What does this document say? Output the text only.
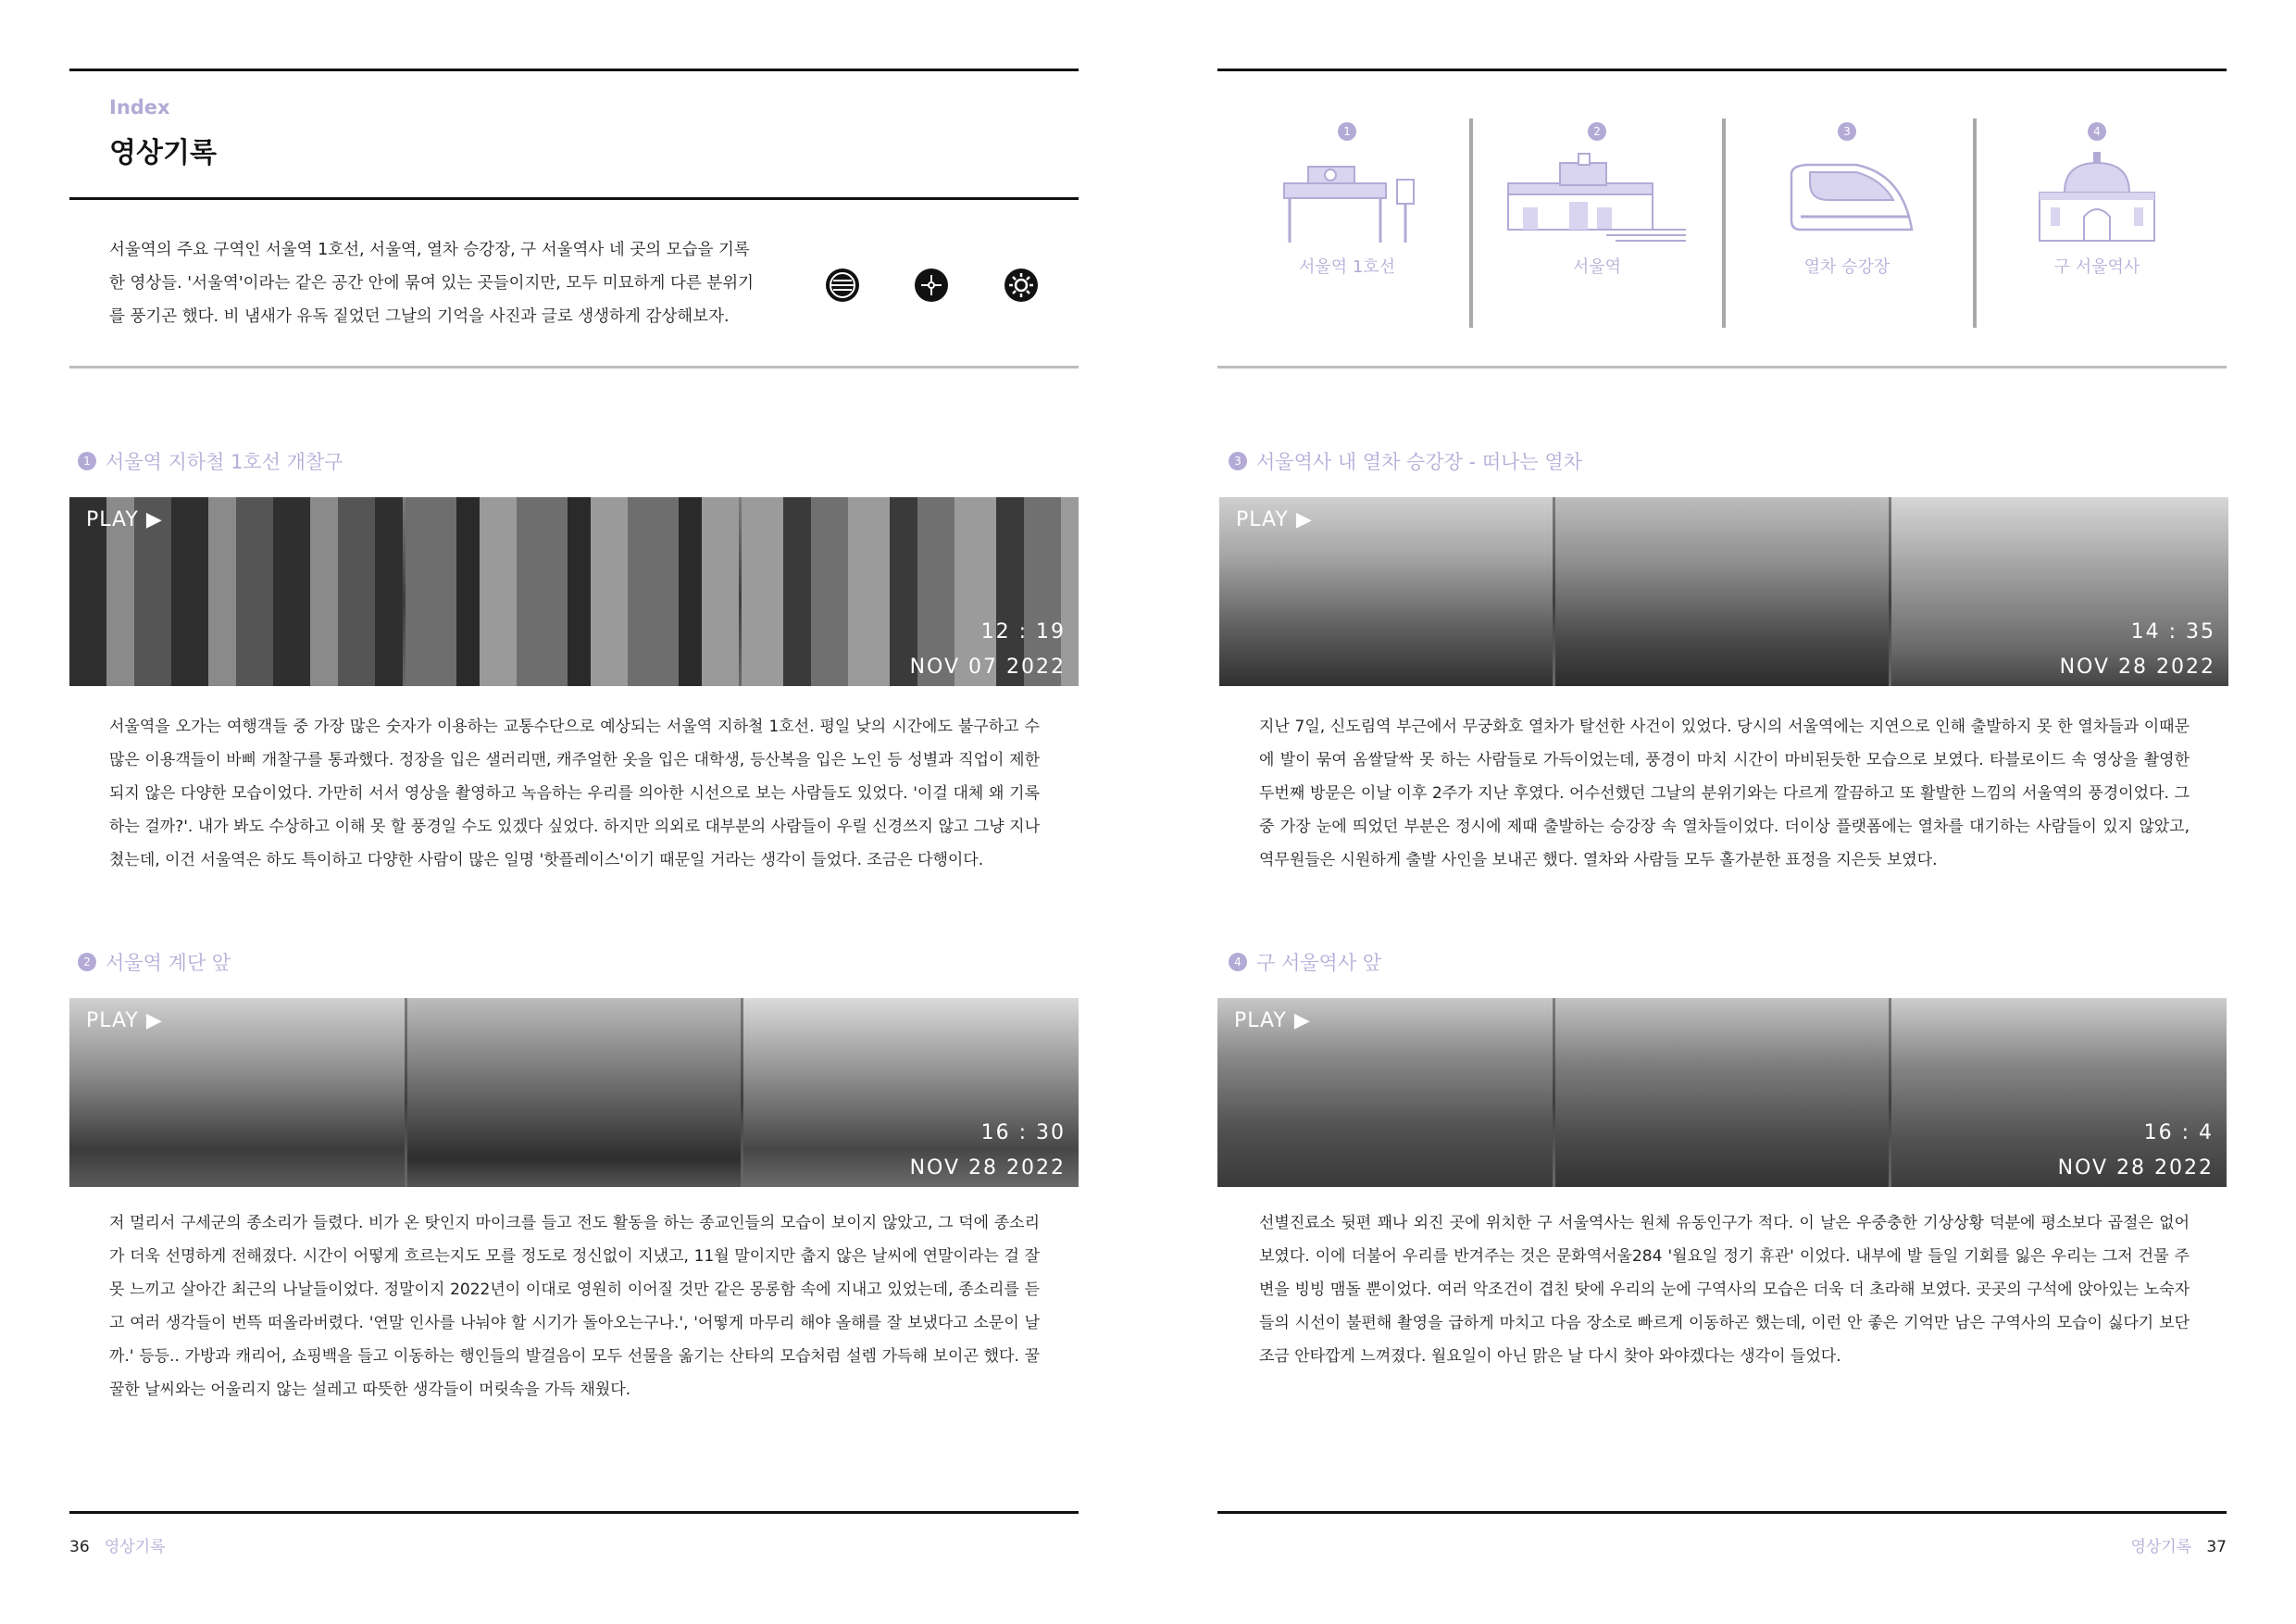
Index
영상기록
서울역의 주요 구역인 서울역 1호선, 서울역, 열차 승강장, 구 서울역사 네 곳의 모습을 기록한 영상들. '서울역'이라는 같은 공간 안에 묶여 있는 곳들이지만, 모두 미묘하게 다른 분위기를 풍기곤 했다. 비 냄새가 유독 짙었던 그날의 기억을 사진과 글로 생생하게 감상해보자.
1 서울역 지하철 1호선 개찰구
PLAY ▶
12 : 19
NOV 07 2022
서울역을 오가는 여행객들 중 가장 많은 숫자가 이용하는 교통수단으로 예상되는 서울역 지하철 1호선. 평일 낮의 시간에도 불구하고 수많은 이용객들이 바삐 개찰구를 통과했다. 정장을 입은 샐러리맨, 캐주얼한 옷을 입은 대학생, 등산복을 입은 노인 등 성별과 직업이 제한되지 않은 다양한 모습이었다. 가만히 서서 영상을 촬영하고 녹음하는 우리를 의아한 시선으로 보는 사람들도 있었다. '이걸 대체 왜 기록하는 걸까?'. 내가 봐도 수상하고 이해 못 할 풍경일 수도 있겠다 싶었다. 하지만 의외로 대부분의 사람들이 우릴 신경쓰지 않고 그냥 지나쳤는데, 이건 서울역은 하도 특이하고 다양한 사람이 많은 일명 '핫플레이스'이기 때문일 거라는 생각이 들었다. 조금은 다행이다.
2 서울역 계단 앞
PLAY ▶
16 : 30
NOV 28 2022
저 멀리서 구세군의 종소리가 들렸다. 비가 온 탓인지 마이크를 들고 전도 활동을 하는 종교인들의 모습이 보이지 않았고, 그 덕에 종소리가 더욱 선명하게 전해졌다. 시간이 어떻게 흐르는지도 모를 정도로 정신없이 지냈고, 11월 말이지만 춥지 않은 날씨에 연말이라는 걸 잘 못 느끼고 살아간 최근의 나날들이었다. 정말이지 2022년이 이대로 영원히 이어질 것만 같은 몽롱함 속에 지내고 있었는데, 종소리를 듣고 여러 생각들이 번뜩 떠올라버렸다. '연말 인사를 나눠야 할 시기가 돌아오는구나.', '어떻게 마무리 해야 올해를 잘 보냈다고 소문이 날까.' 등등.. 가방과 캐리어, 쇼핑백을 들고 이동하는 행인들의 발걸음이 모두 선물을 옮기는 산타의 모습처럼 설렘 가득해 보이곤 했다. 꿀꿀한 날씨와는 어울리지 않는 설레고 따뜻한 생각들이 머릿속을 가득 채웠다.
36 영상기록
1
서울역 1호선
2
서울역
3
열차 승강장
4
구 서울역사
3 서울역사 내 열차 승강장 - 떠나는 열차
PLAY ▶
14 : 35
NOV 28 2022
지난 7일, 신도림역 부근에서 무궁화호 열차가 탈선한 사건이 있었다. 당시의 서울역에는 지연으로 인해 출발하지 못 한 열차들과 이때문에 발이 묶여 옴쌀달싹 못 하는 사람들로 가득이었는데, 풍경이 마치 시간이 마비된듯한 모습으로 보였다. 타블로이드 속 영상을 촬영한 두번째 방문은 이날 이후 2주가 지난 후였다. 어수선했던 그날의 분위기와는 다르게 깔끔하고 또 활발한 느낌의 서울역의 풍경이었다. 그 중 가장 눈에 띄었던 부분은 정시에 제때 출발하는 승강장 속 열차들이었다. 더이상 플랫폼에는 열차를 대기하는 사람들이 있지 않았고, 역무원들은 시원하게 출발 사인을 보내곤 했다. 열차와 사람들 모두 홀가분한 표정을 지은듯 보였다.
4 구 서울역사 앞
PLAY ▶
16 : 4
NOV 28 2022
선별진료소 뒷편 꽤나 외진 곳에 위치한 구 서울역사는 원체 유동인구가 적다. 이 날은 우중충한 기상상황 덕분에 평소보다 곱절은 없어 보였다. 이에 더불어 우리를 반겨주는 것은 문화역서울284 '월요일 정기 휴관' 이었다. 내부에 발 들일 기회를 잃은 우리는 그저 건물 주변을 빙빙 맴돌 뿐이었다. 여러 악조건이 겹친 탓에 우리의 눈에 구역사의 모습은 더욱 더 초라해 보였다. 곳곳의 구석에 앉아있는 노숙자들의 시선이 불편해 촬영을 급하게 마치고 다음 장소로 빠르게 이동하곤 했는데, 이런 안 좋은 기억만 남은 구역사의 모습이 싫다기 보단 조금 안타깝게 느껴졌다. 월요일이 아닌 맑은 날 다시 찾아 와야겠다는 생각이 들었다.
영상기록 37
